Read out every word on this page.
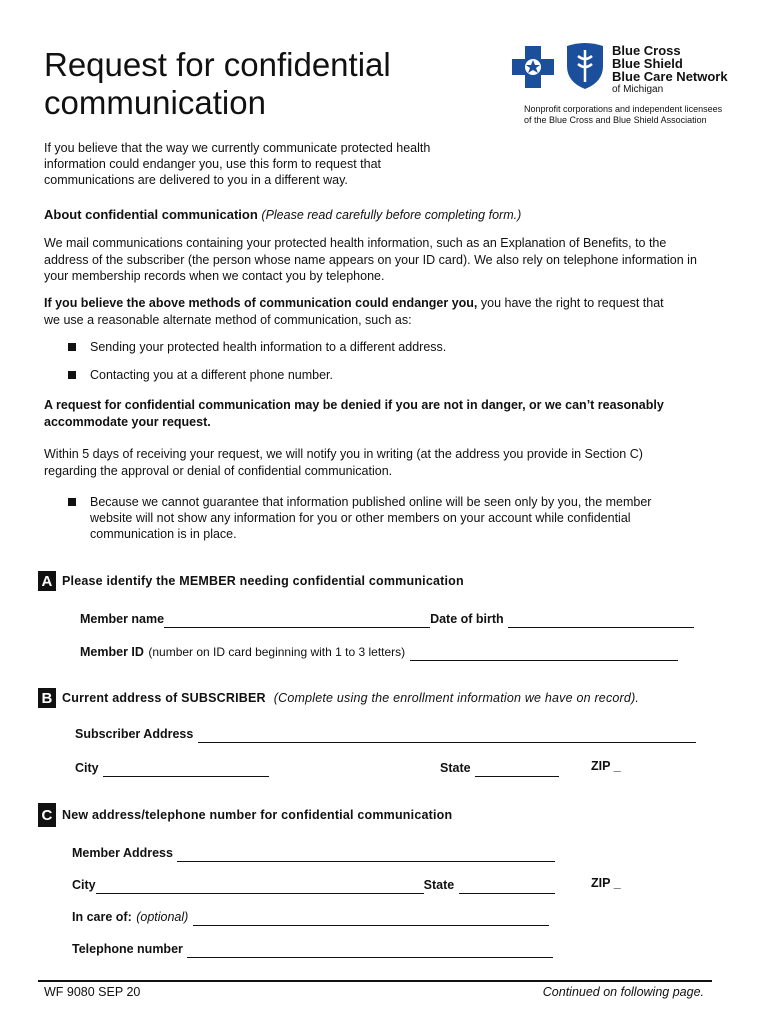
Request for confidential
communication
Blue Cross
Blue Shield
Blue Care Network
of Michigan
Nonprofit corporations and independent licensees
of the Blue Cross and Blue Shield Association
If you believe that the way we currently communicate protected health information could endanger you, use this form to request that communications are delivered to you in a different way.
About confidential communication (Please read carefully before completing form.)
We mail communications containing your protected health information, such as an Explanation of Benefits, to the address of the subscriber (the person whose name appears on your ID card). We also rely on telephone information in your membership records when we contact you by telephone.
If you believe the above methods of communication could endanger you, you have the right to request that we use a reasonable alternate method of communication, such as:
Sending your protected health information to a different address.
Contacting you at a different phone number.
A request for confidential communication may be denied if you are not in danger, or we can’t reasonably accommodate your request.
Within 5 days of receiving your request, we will notify you in writing (at the address you provide in Section C) regarding the approval or denial of confidential communication.
Because we cannot guarantee that information published online will be seen only by you, the member website will not show any information for you or other members on your account while confidential communication is in place.
A Please identify the MEMBER needing confidential communication
Member name	Date of birth
Member ID (number on ID card beginning with 1 to 3 letters)
B Current address of SUBSCRIBER (Complete using the enrollment information we have on record).
Subscriber Address
City	State	ZIP _
C New address/telephone number for confidential communication
Member Address
City	State	ZIP _
In care of: (optional)
Telephone number
WF 9080 SEP 20	Continued on following page.
